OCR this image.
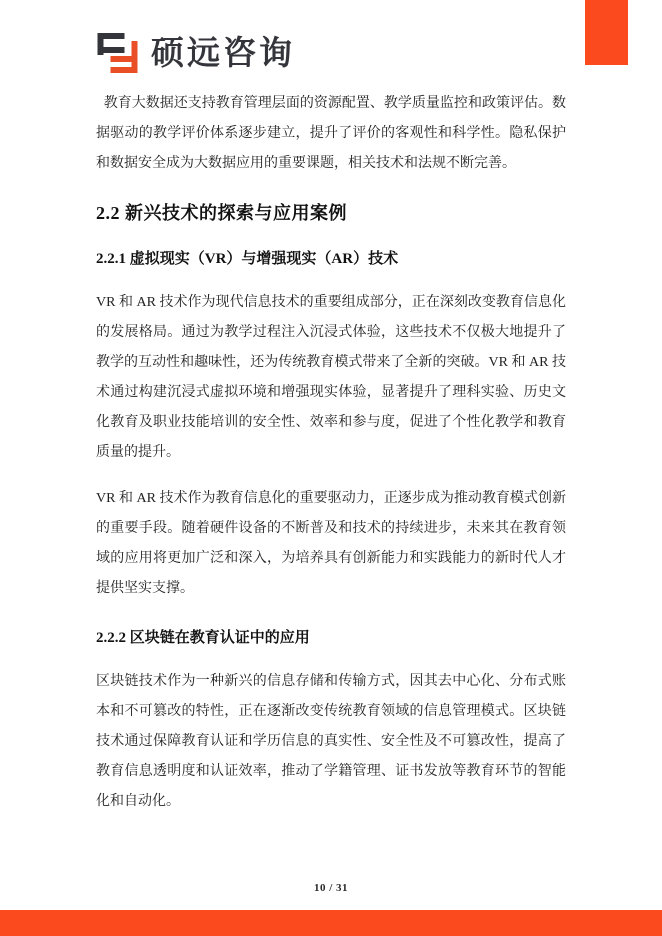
硕远咨询

教育大数据还支持教育管理层面的资源配置、教学质量监控和政策评估。数据驱动的教学评价体系逐步建立，提升了评价的客观性和科学性。隐私保护和数据安全成为大数据应用的重要课题，相关技术和法规不断完善。

2.2 新兴技术的探索与应用案例
2.2.1 虚拟现实（VR）与增强现实（AR）技术

VR 和 AR 技术作为现代信息技术的重要组成部分，正在深刻改变教育信息化的发展格局。通过为教学过程注入沉浸式体验，这些技术不仅极大地提升了教学的互动性和趣味性，还为传统教育模式带来了全新的突破。VR 和 AR 技术通过构建沉浸式虚拟环境和增强现实体验，显著提升了理科实验、历史文化教育及职业技能培训的安全性、效率和参与度，促进了个性化教学和教育质量的提升。

VR 和 AR 技术作为教育信息化的重要驱动力，正逐步成为推动教育模式创新的重要手段。随着硬件设备的不断普及和技术的持续进步，未来其在教育领域的应用将更加广泛和深入，为培养具有创新能力和实践能力的新时代人才提供坚实支撑。

2.2.2 区块链在教育认证中的应用

区块链技术作为一种新兴的信息存储和传输方式，因其去中心化、分布式账本和不可篡改的特性，正在逐渐改变传统教育领域的信息管理模式。区块链技术通过保障教育认证和学历信息的真实性、安全性及不可篡改性，提高了教育信息透明度和认证效率，推动了学籍管理、证书发放等教育环节的智能化和自动化。

10 / 31
